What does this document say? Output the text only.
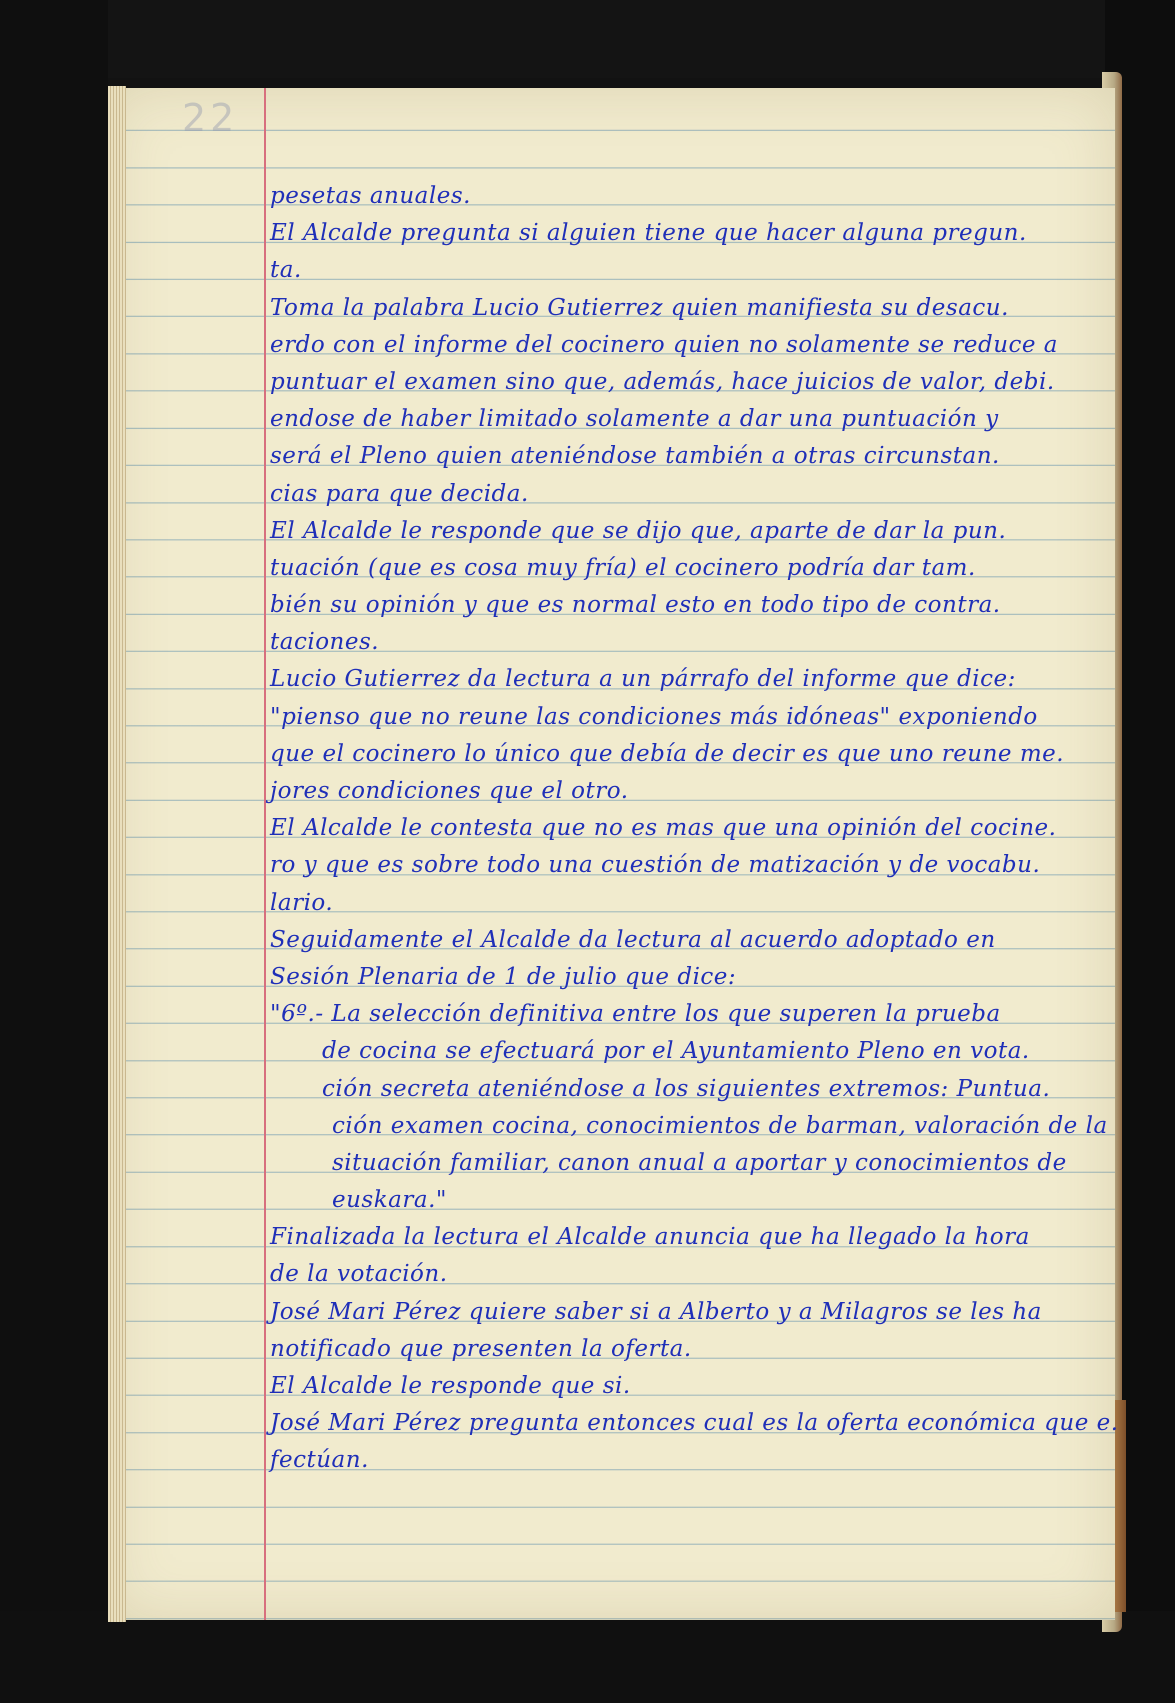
22
pesetas anuales.
El Alcalde pregunta si alguien tiene que hacer alguna pregun.
ta.
Toma la palabra Lucio Gutierrez quien manifiesta su desacu.
erdo con el informe del cocinero quien no solamente se reduce a
puntuar el examen sino que, además, hace juicios de valor, debi.
endose de haber limitado solamente a dar una puntuación y
será el Pleno quien ateniéndose también a otras circunstan.
cias para que decida.
El Alcalde le responde que se dijo que, aparte de dar la pun.
tuación (que es cosa muy fría) el cocinero podría dar tam.
bién su opinión y que es normal esto en todo tipo de contra.
taciones.
Lucio Gutierrez da lectura a un párrafo del informe que dice:
"pienso que no reune las condiciones más idóneas" exponiendo
que el cocinero lo único que debía de decir es que uno reune me.
jores condiciones que el otro.
El Alcalde le contesta que no es mas que una opinión del cocine.
ro y que es sobre todo una cuestión de matización y de vocabu.
lario.
Seguidamente el Alcalde da lectura al acuerdo adoptado en
Sesión Plenaria de 1 de julio que dice:
"6º.- La selección definitiva entre los que superen la prueba
de cocina se efectuará por el Ayuntamiento Pleno en vota.
ción secreta ateniéndose a los siguientes extremos: Puntua.
ción examen cocina, conocimientos de barman, valoración de la
situación familiar, canon anual a aportar y conocimientos de
euskara."
Finalizada la lectura el Alcalde anuncia que ha llegado la hora
de la votación.
José Mari Pérez quiere saber si a Alberto y a Milagros se les ha
notificado que presenten la oferta.
El Alcalde le responde que si.
José Mari Pérez pregunta entonces cual es la oferta económica que e.
fectúan.
